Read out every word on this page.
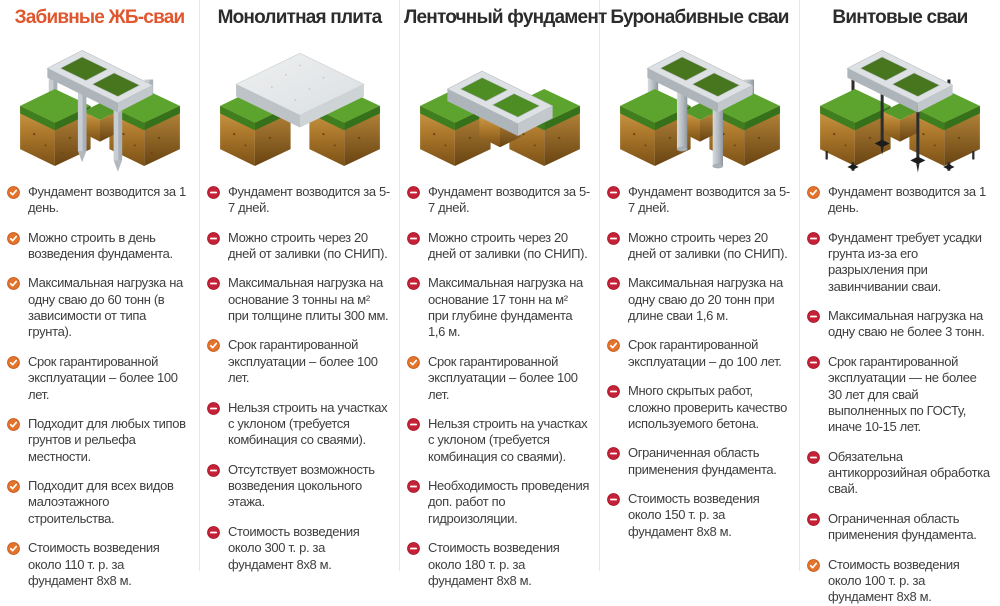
Забивные ЖБ-сваи
Фундамент возводится за 1 день.
Можно строить в день возведения фундамента.
Максимальная нагрузка на одну сваю до 60 тонн (в зависимости от типа грунта).
Срок гарантированной эксплуатации – более 100 лет.
Подходит для любых типов грунтов и рельефа местности.
Подходит для всех видов малоэтажного строительства.
Стоимость возведения около 110 т. р. за фундамент 8х8 м.
Монолитная плита
Фундамент возводится за 5-7 дней.
Можно строить через 20 дней от заливки (по СНИП).
Максимальная нагрузка на основание 3 тонны на м² при толщине плиты 300 мм.
Срок гарантированной эксплуатации – более 100 лет.
Нельзя строить на участках с уклоном (требуется комбинация со сваями).
Отсутствует возможность возведения цокольного этажа.
Стоимость возведения около 300 т. р. за фундамент 8х8 м.
Ленточный фундамент
Фундамент возводится за 5-7 дней.
Можно строить через 20 дней от заливки (по СНИП).
Максимальная нагрузка на основание 17 тонн на м² при глубине фундамента 1,6 м.
Срок гарантированной эксплуатации – более 100 лет.
Нельзя строить на участках с уклоном (требуется комбинация со сваями).
Необходимость проведения доп. работ по гидроизоляции.
Стоимость возведения около 180 т. р. за фундамент 8х8 м.
Буронабивные сваи
Фундамент возводится за 5-7 дней.
Можно строить через 20 дней от заливки (по СНИП).
Максимальная нагрузка на одну сваю до 20 тонн при длине сваи 1,6 м.
Срок гарантированной эксплуатации – до 100 лет.
Много скрытых работ, сложно проверить качество используемого бетона.
Ограниченная область применения фундамента.
Стоимость возведения около 150 т. р. за фундамент 8х8 м.
Винтовые сваи
Фундамент возводится за 1 день.
Фундамент требует усадки грунта из-за его разрыхления при завинчивании сваи.
Максимальная нагрузка на одну сваю не более 3 тонн.
Срок гарантированной эксплуатации — не более 30 лет для свай выполненных по ГОСТу, иначе 10-15 лет.
Обязательна антикоррозийная обработка свай.
Ограниченная область применения фундамента.
Стоимость возведения около 100 т. р. за фундамент 8х8 м.
